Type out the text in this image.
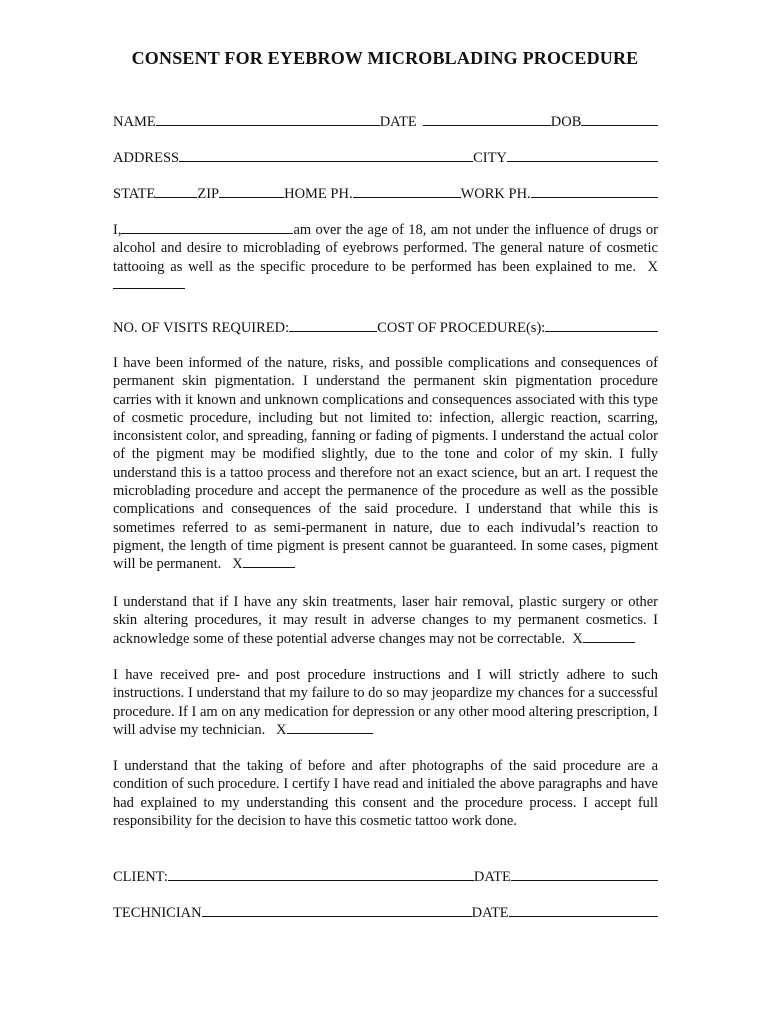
CONSENT FOR EYEBROW MICROBLADING PROCEDURE
NAME	DATE	DOB
ADDRESS	CITY
STATE	ZIP	HOME PH.	WORK PH.
I,	am over the age of 18, am not under the influence of drugs or alcohol and desire to microblading of eyebrows performed. The general nature of cosmetic tattooing as well as the specific procedure to be performed has been explained to me. X
NO. OF VISITS REQUIRED:	COST OF PROCEDURE(s):
I have been informed of the nature, risks, and possible complications and consequences of permanent skin pigmentation. I understand the permanent skin pigmentation procedure carries with it known and unknown complications and consequences associated with this type of cosmetic procedure, including but not limited to: infection, allergic reaction, scarring, inconsistent color, and spreading, fanning or fading of pigments. I understand the actual color of the pigment may be modified slightly, due to the tone and color of my skin. I fully understand this is a tattoo process and therefore not an exact science, but an art. I request the microblading procedure and accept the permanence of the procedure as well as the possible complications and consequences of the said procedure. I understand that while this is sometimes referred to as semi-permanent in nature, due to each indivudal’s reaction to pigment, the length of time pigment is present cannot be guaranteed. In some cases, pigment will be permanent. X
I understand that if I have any skin treatments, laser hair removal, plastic surgery or other skin altering procedures, it may result in adverse changes to my permanent cosmetics. I acknowledge some of these potential adverse changes may not be correctable. X
I have received pre- and post procedure instructions and I will strictly adhere to such instructions. I understand that my failure to do so may jeopardize my chances for a successful procedure. If I am on any medication for depression or any other mood altering prescription, I will advise my technician. X
I understand that the taking of before and after photographs of the said procedure are a condition of such procedure. I certify I have read and initialed the above paragraphs and have had explained to my understanding this consent and the procedure process. I accept full responsibility for the decision to have this cosmetic tattoo work done.
CLIENT:	DATE
TECHNICIAN	DATE
